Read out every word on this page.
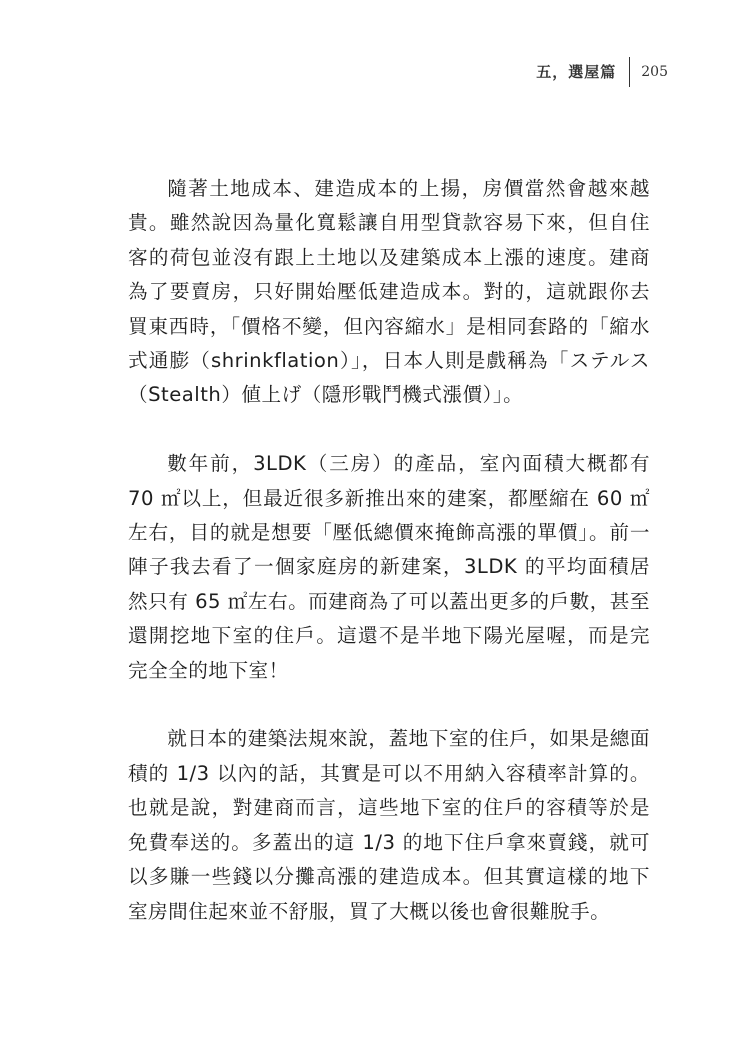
五，選屋篇 205

隨著土地成本、建造成本的上揚，房價當然會越來越貴。雖然說因為量化寬鬆讓自用型貸款容易下來，但自住客的荷包並沒有跟上土地以及建築成本上漲的速度。建商為了要賣房，只好開始壓低建造成本。對的，這就跟你去買東西時，「價格不變，但內容縮水」是相同套路的「縮水式通膨（shrinkflation）」，日本人則是戲稱為「ステルス（Stealth）値上げ（隱形戰鬥機式漲價）」。

數年前，3LDK（三房）的產品，室內面積大概都有 70 ㎡以上，但最近很多新推出來的建案，都壓縮在 60 ㎡左右，目的就是想要「壓低總價來掩飾高漲的單價」。前一陣子我去看了一個家庭房的新建案，3LDK 的平均面積居然只有 65 ㎡左右。而建商為了可以蓋出更多的戶數，甚至還開挖地下室的住戶。這還不是半地下陽光屋喔，而是完完全全的地下室！

就日本的建築法規來說，蓋地下室的住戶，如果是總面積的 1/3 以內的話，其實是可以不用納入容積率計算的。也就是說，對建商而言，這些地下室的住戶的容積等於是免費奉送的。多蓋出的這 1/3 的地下住戶拿來賣錢，就可以多賺一些錢以分攤高漲的建造成本。但其實這樣的地下室房間住起來並不舒服，買了大概以後也會很難脫手。
